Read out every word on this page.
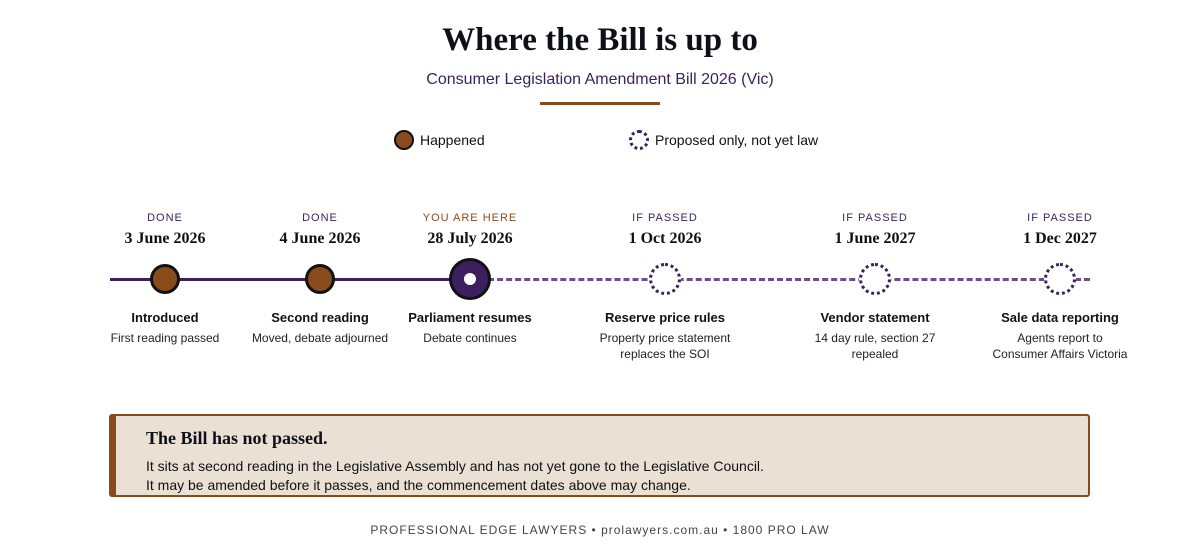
Where the Bill is up to
Consumer Legislation Amendment Bill 2026 (Vic)
Happened	Proposed only, not yet law
DONE
3 June 2026
Introduced
First reading passed
DONE
4 June 2026
Second reading
Moved, debate adjourned
YOU ARE HERE
28 July 2026
Parliament resumes
Debate continues
IF PASSED
1 Oct 2026
Reserve price rules
Property price statement
replaces the SOI
IF PASSED
1 June 2027
Vendor statement
14 day rule, section 27
repealed
IF PASSED
1 Dec 2027
Sale data reporting
Agents report to
Consumer Affairs Victoria
The Bill has not passed.
It sits at second reading in the Legislative Assembly and has not yet gone to the Legislative Council.
It may be amended before it passes, and the commencement dates above may change.
PROFESSIONAL EDGE LAWYERS • prolawyers.com.au • 1800 PRO LAW
